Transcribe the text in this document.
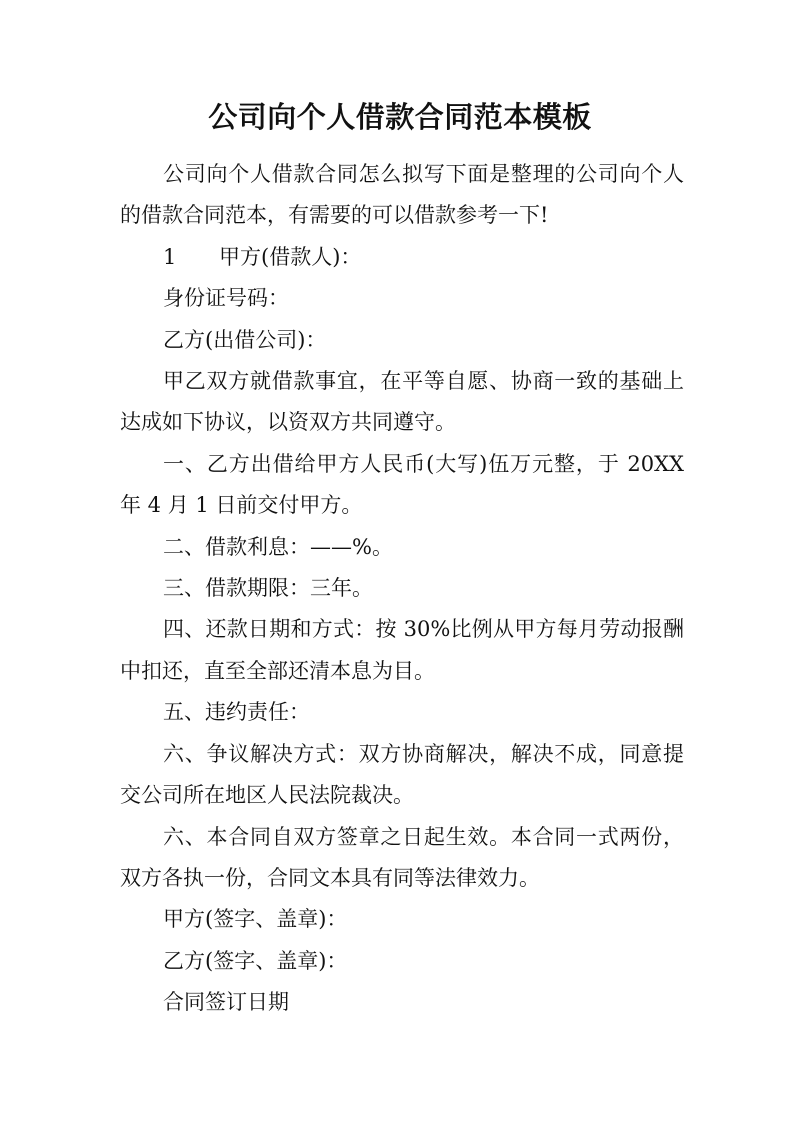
公司向个人借款合同范本模板

公司向个人借款合同怎么拟写下面是整理的公司向个人的借款合同范本，有需要的可以借款参考一下!

1 甲方(借款人)：

身份证号码：

乙方(出借公司)：

甲乙双方就借款事宜，在平等自愿、协商一致的基础上达成如下协议，以资双方共同遵守。

一、乙方出借给甲方人民币(大写)伍万元整，于 20XX 年 4 月 1 日前交付甲方。

二、借款利息：——%。

三、借款期限：三年。

四、还款日期和方式：按 30%比例从甲方每月劳动报酬中扣还，直至全部还清本息为目。

五、违约责任：

六、争议解决方式：双方协商解决，解决不成，同意提交公司所在地区人民法院裁决。

六、本合同自双方签章之日起生效。本合同一式两份，双方各执一份，合同文本具有同等法律效力。

甲方(签字、盖章)：

乙方(签字、盖章)：

合同签订日期
